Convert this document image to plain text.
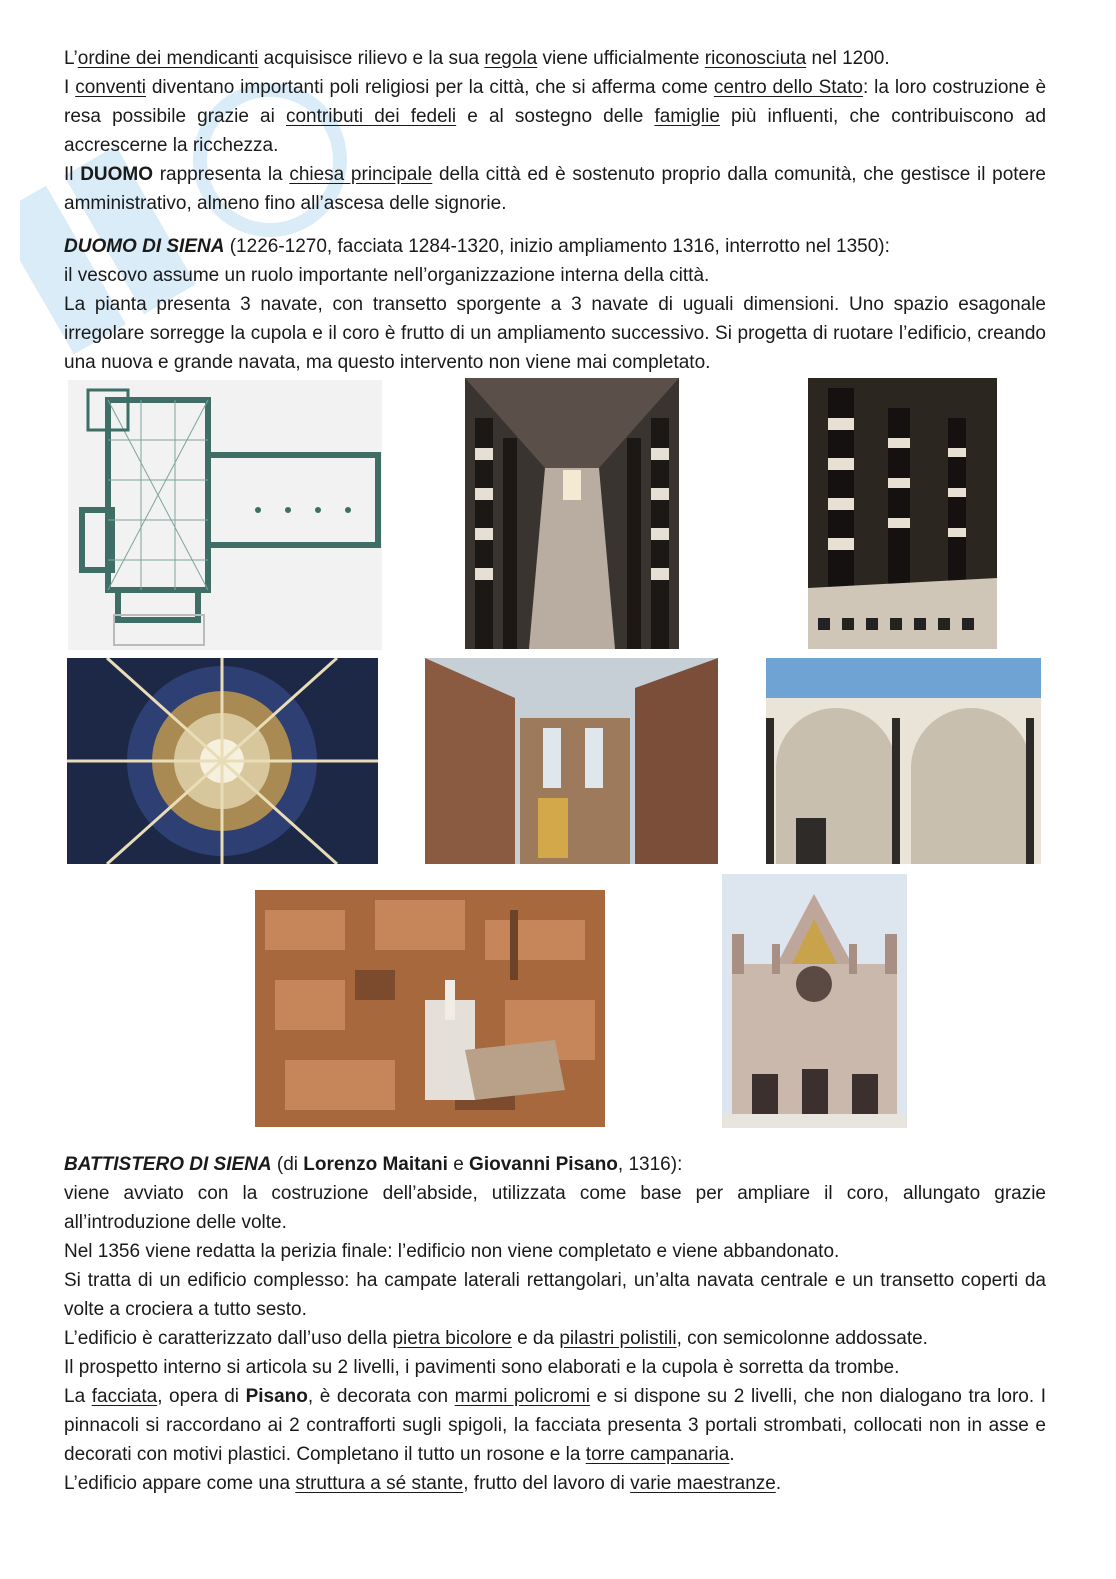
L’ordine dei mendicanti acquisisce rilievo e la sua regola viene ufficialmente riconosciuta nel 1200.

I conventi diventano importanti poli religiosi per la città, che si afferma come centro dello Stato: la loro costruzione è resa possibile grazie ai contributi dei fedeli e al sostegno delle famiglie più influenti, che contribuiscono ad accrescerne la ricchezza.

Il DUOMO rappresenta la chiesa principale della città ed è sostenuto proprio dalla comunità, che gestisce il potere amministrativo, almeno fino all’ascesa delle signorie.

DUOMO DI SIENA (1226-1270, facciata 1284-1320, inizio ampliamento 1316, interrotto nel 1350):

il vescovo assume un ruolo importante nell’organizzazione interna della città.

La pianta presenta 3 navate, con transetto sporgente a 3 navate di uguali dimensioni. Uno spazio esagonale irregolare sorregge la cupola e il coro è frutto di un ampliamento successivo. Si progetta di ruotare l’edificio, creando una nuova e grande navata, ma questo intervento non viene mai completato.

BATTISTERO DI SIENA (di Lorenzo Maitani e Giovanni Pisano, 1316):

viene avviato con la costruzione dell’abside, utilizzata come base per ampliare il coro, allungato grazie all’introduzione delle volte.

Nel 1356 viene redatta la perizia finale: l’edificio non viene completato e viene abbandonato.

Si tratta di un edificio complesso: ha campate laterali rettangolari, un’alta navata centrale e un transetto coperti da volte a crociera a tutto sesto.

L’edificio è caratterizzato dall’uso della pietra bicolore e da pilastri polistili, con semicolonne addossate.

Il prospetto interno si articola su 2 livelli, i pavimenti sono elaborati e la cupola è sorretta da trombe.

La facciata, opera di Pisano, è decorata con marmi policromi e si dispone su 2 livelli, che non dialogano tra loro. I pinnacoli si raccordano ai 2 contrafforti sugli spigoli, la facciata presenta 3 portali strombati, collocati non in asse e decorati con motivi plastici. Completano il tutto un rosone e la torre campanaria.

L’edificio appare come una struttura a sé stante, frutto del lavoro di varie maestranze.
